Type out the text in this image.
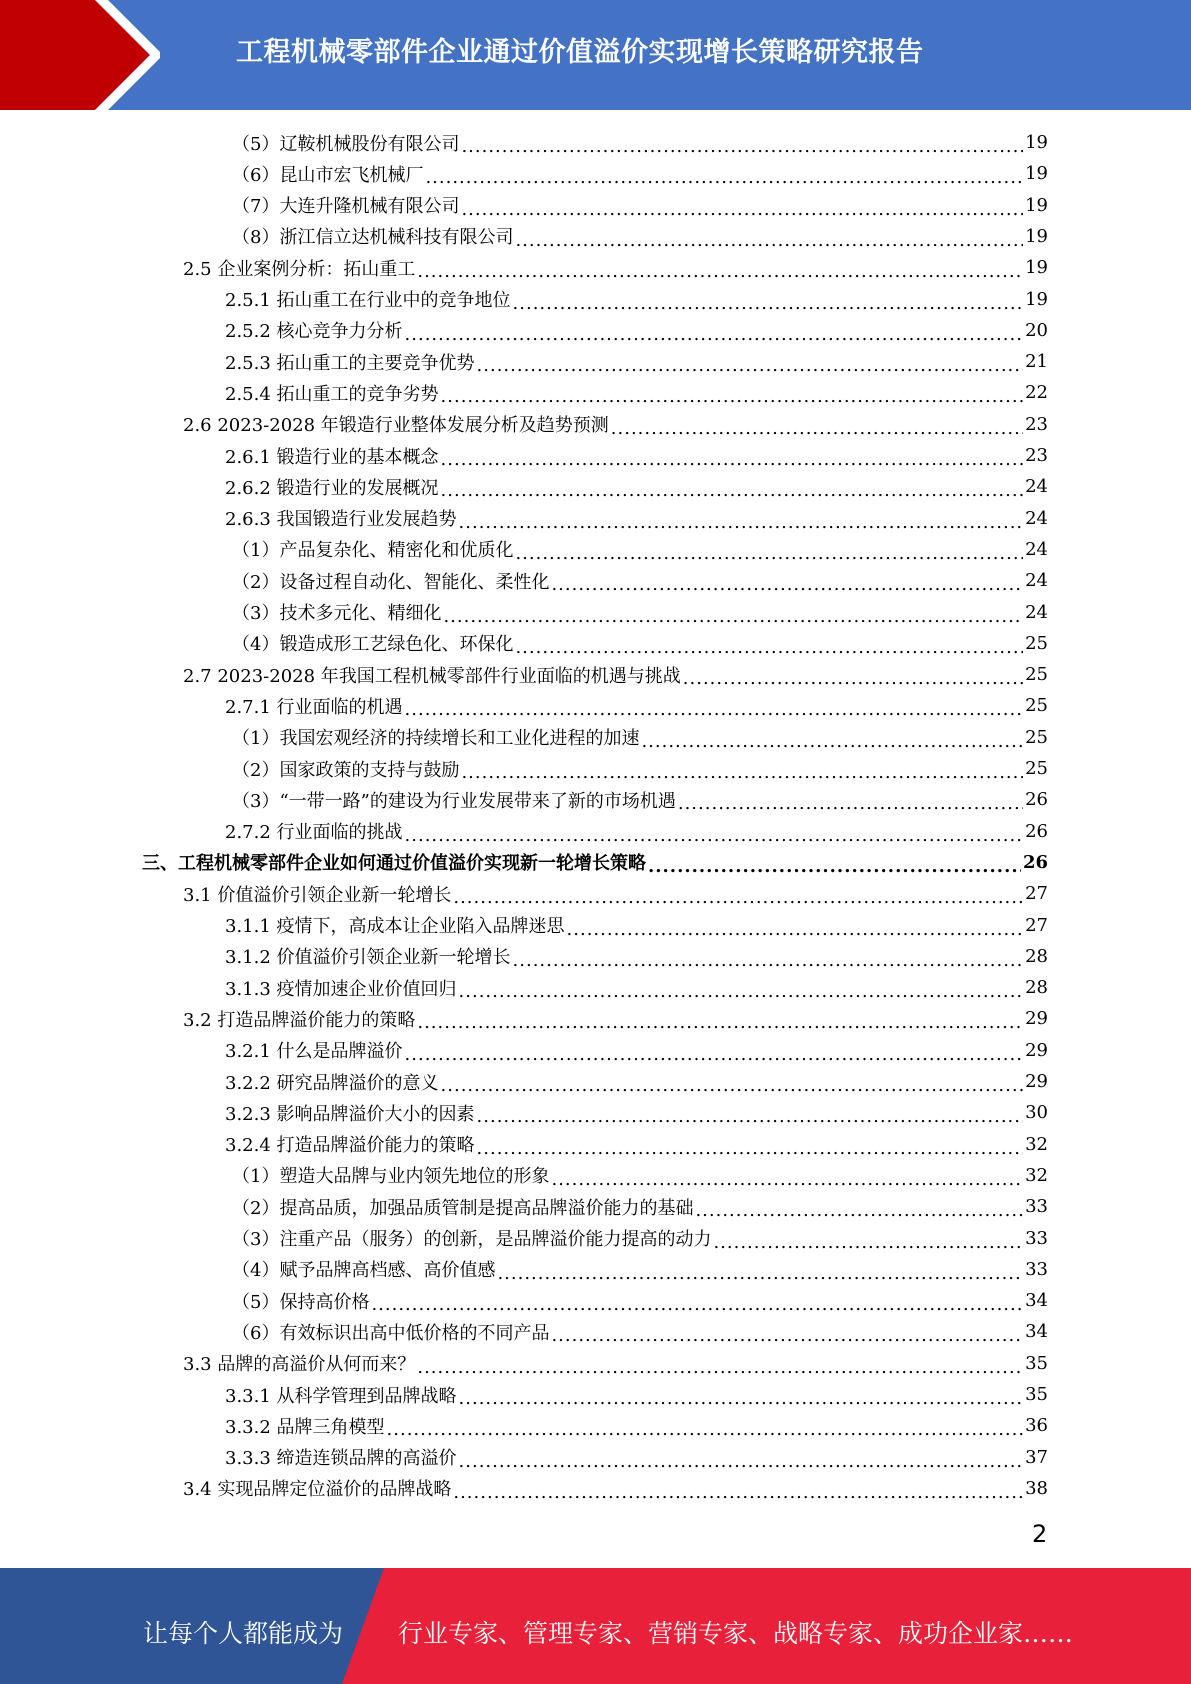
工程机械零部件企业通过价值溢价实现增长策略研究报告
（5）辽鞍机械股份有限公司 .....	19
（6）昆山市宏飞机械厂 .....	19
（7）大连升隆机械有限公司 .....	19
（8）浙江信立达机械科技有限公司 .....	19
2.5 企业案例分析：拓山重工 .....	19
2.5.1 拓山重工在行业中的竞争地位 .....	19
2.5.2 核心竞争力分析 .....	20
2.5.3 拓山重工的主要竞争优势 .....	21
2.5.4 拓山重工的竞争劣势 .....	22
2.6 2023-2028 年锻造行业整体发展分析及趋势预测 .....	23
2.6.1 锻造行业的基本概念 .....	23
2.6.2 锻造行业的发展概况 .....	24
2.6.3 我国锻造行业发展趋势 .....	24
（1）产品复杂化、精密化和优质化 .....	24
（2）设备过程自动化、智能化、柔性化 .....	24
（3）技术多元化、精细化 .....	24
（4）锻造成形工艺绿色化、环保化 .....	25
2.7 2023-2028 年我国工程机械零部件行业面临的机遇与挑战 .....	25
2.7.1 行业面临的机遇 .....	25
（1）我国宏观经济的持续增长和工业化进程的加速 .....	25
（2）国家政策的支持与鼓励 .....	25
（3）“一带一路”的建设为行业发展带来了新的市场机遇 .....	26
2.7.2 行业面临的挑战 .....	26
三、工程机械零部件企业如何通过价值溢价实现新一轮增长策略 .....	26
3.1 价值溢价引领企业新一轮增长 .....	27
3.1.1 疫情下，高成本让企业陷入品牌迷思 .....	27
3.1.2 价值溢价引领企业新一轮增长 .....	28
3.1.3 疫情加速企业价值回归 .....	28
3.2 打造品牌溢价能力的策略 .....	29
3.2.1 什么是品牌溢价 .....	29
3.2.2 研究品牌溢价的意义 .....	29
3.2.3 影响品牌溢价大小的因素 .....	30
3.2.4 打造品牌溢价能力的策略 .....	32
（1）塑造大品牌与业内领先地位的形象 .....	32
（2）提高品质，加强品质管制是提高品牌溢价能力的基础 .....	33
（3）注重产品（服务）的创新，是品牌溢价能力提高的动力 .....	33
（4）赋予品牌高档感、高价值感 .....	33
（5）保持高价格 .....	34
（6）有效标识出高中低价格的不同产品 .....	34
3.3 品牌的高溢价从何而来？ .....	35
3.3.1 从科学管理到品牌战略 .....	35
3.3.2 品牌三角模型 .....	36
3.3.3 缔造连锁品牌的高溢价 .....	37
3.4 实现品牌定位溢价的品牌战略 .....	38
2
让每个人都能成为 行业专家、管理专家、营销专家、战略专家、成功企业家……
